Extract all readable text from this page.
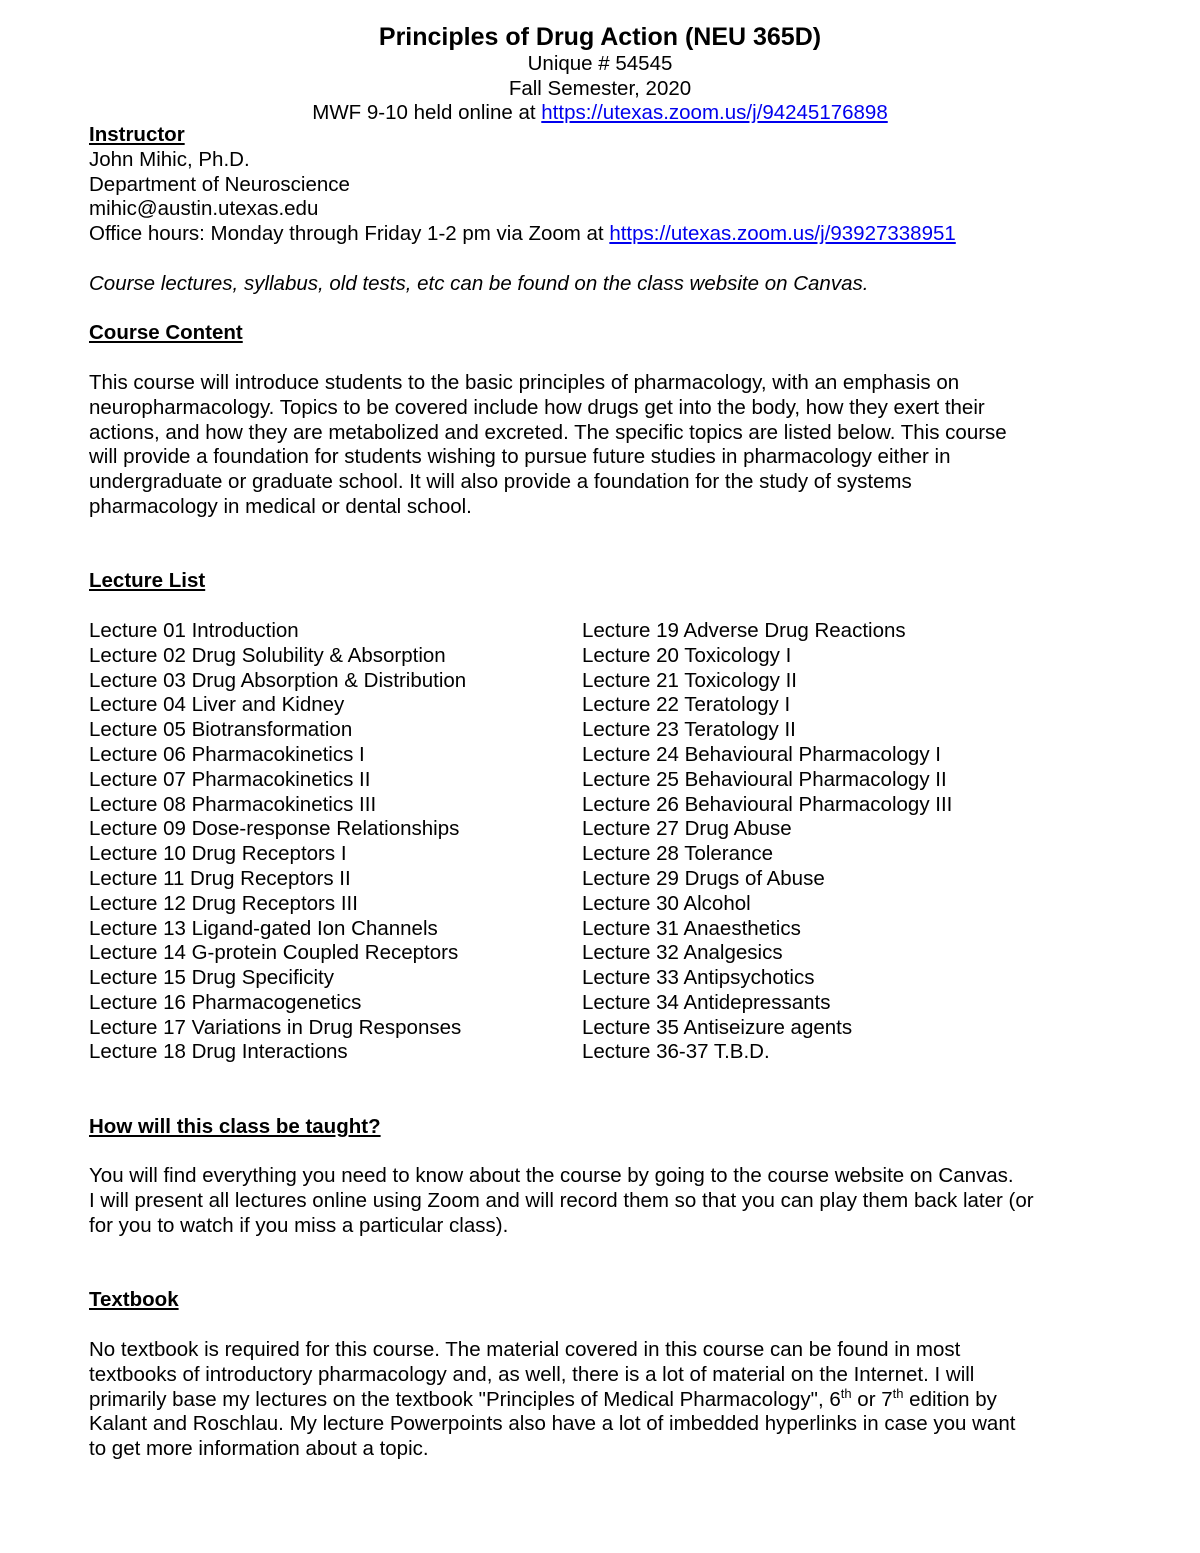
Principles of Drug Action (NEU 365D)

Unique # 54545

Fall Semester, 2020

MWF 9-10 held online at https://utexas.zoom.us/j/94245176898

Instructor

John Mihic, Ph.D.

Department of Neuroscience

mihic@austin.utexas.edu

Office hours: Monday through Friday 1-2 pm via Zoom at https://utexas.zoom.us/j/93927338951

Course lectures, syllabus, old tests, etc can be found on the class website on Canvas.

Course Content

This course will introduce students to the basic principles of pharmacology, with an emphasis on

neuropharmacology. Topics to be covered include how drugs get into the body, how they exert their

actions, and how they are metabolized and excreted. The specific topics are listed below. This course

will provide a foundation for students wishing to pursue future studies in pharmacology either in

undergraduate or graduate school. It will also provide a foundation for the study of systems

pharmacology in medical or dental school.

Lecture List

Lecture 01 Introduction

Lecture 02 Drug Solubility & Absorption

Lecture 03 Drug Absorption & Distribution

Lecture 04 Liver and Kidney

Lecture 05 Biotransformation

Lecture 06 Pharmacokinetics I

Lecture 07 Pharmacokinetics II

Lecture 08 Pharmacokinetics III

Lecture 09 Dose-response Relationships

Lecture 10 Drug Receptors I

Lecture 11 Drug Receptors II

Lecture 12 Drug Receptors III

Lecture 13 Ligand-gated Ion Channels

Lecture 14 G-protein Coupled Receptors

Lecture 15 Drug Specificity

Lecture 16 Pharmacogenetics

Lecture 17 Variations in Drug Responses

Lecture 18 Drug Interactions

Lecture 19 Adverse Drug Reactions

Lecture 20 Toxicology I

Lecture 21 Toxicology II

Lecture 22 Teratology I

Lecture 23 Teratology II

Lecture 24 Behavioural Pharmacology I

Lecture 25 Behavioural Pharmacology II

Lecture 26 Behavioural Pharmacology III

Lecture 27 Drug Abuse

Lecture 28 Tolerance

Lecture 29 Drugs of Abuse

Lecture 30 Alcohol

Lecture 31 Anaesthetics

Lecture 32 Analgesics

Lecture 33 Antipsychotics

Lecture 34 Antidepressants

Lecture 35 Antiseizure agents

Lecture 36-37 T.B.D.

How will this class be taught?

You will find everything you need to know about the course by going to the course website on Canvas.

I will present all lectures online using Zoom and will record them so that you can play them back later (or

for you to watch if you miss a particular class).

Textbook

No textbook is required for this course. The material covered in this course can be found in most

textbooks of introductory pharmacology and, as well, there is a lot of material on the Internet. I will

primarily base my lectures on the textbook "Principles of Medical Pharmacology", 6th or 7th edition by

Kalant and Roschlau. My lecture Powerpoints also have a lot of imbedded hyperlinks in case you want

to get more information about a topic.
